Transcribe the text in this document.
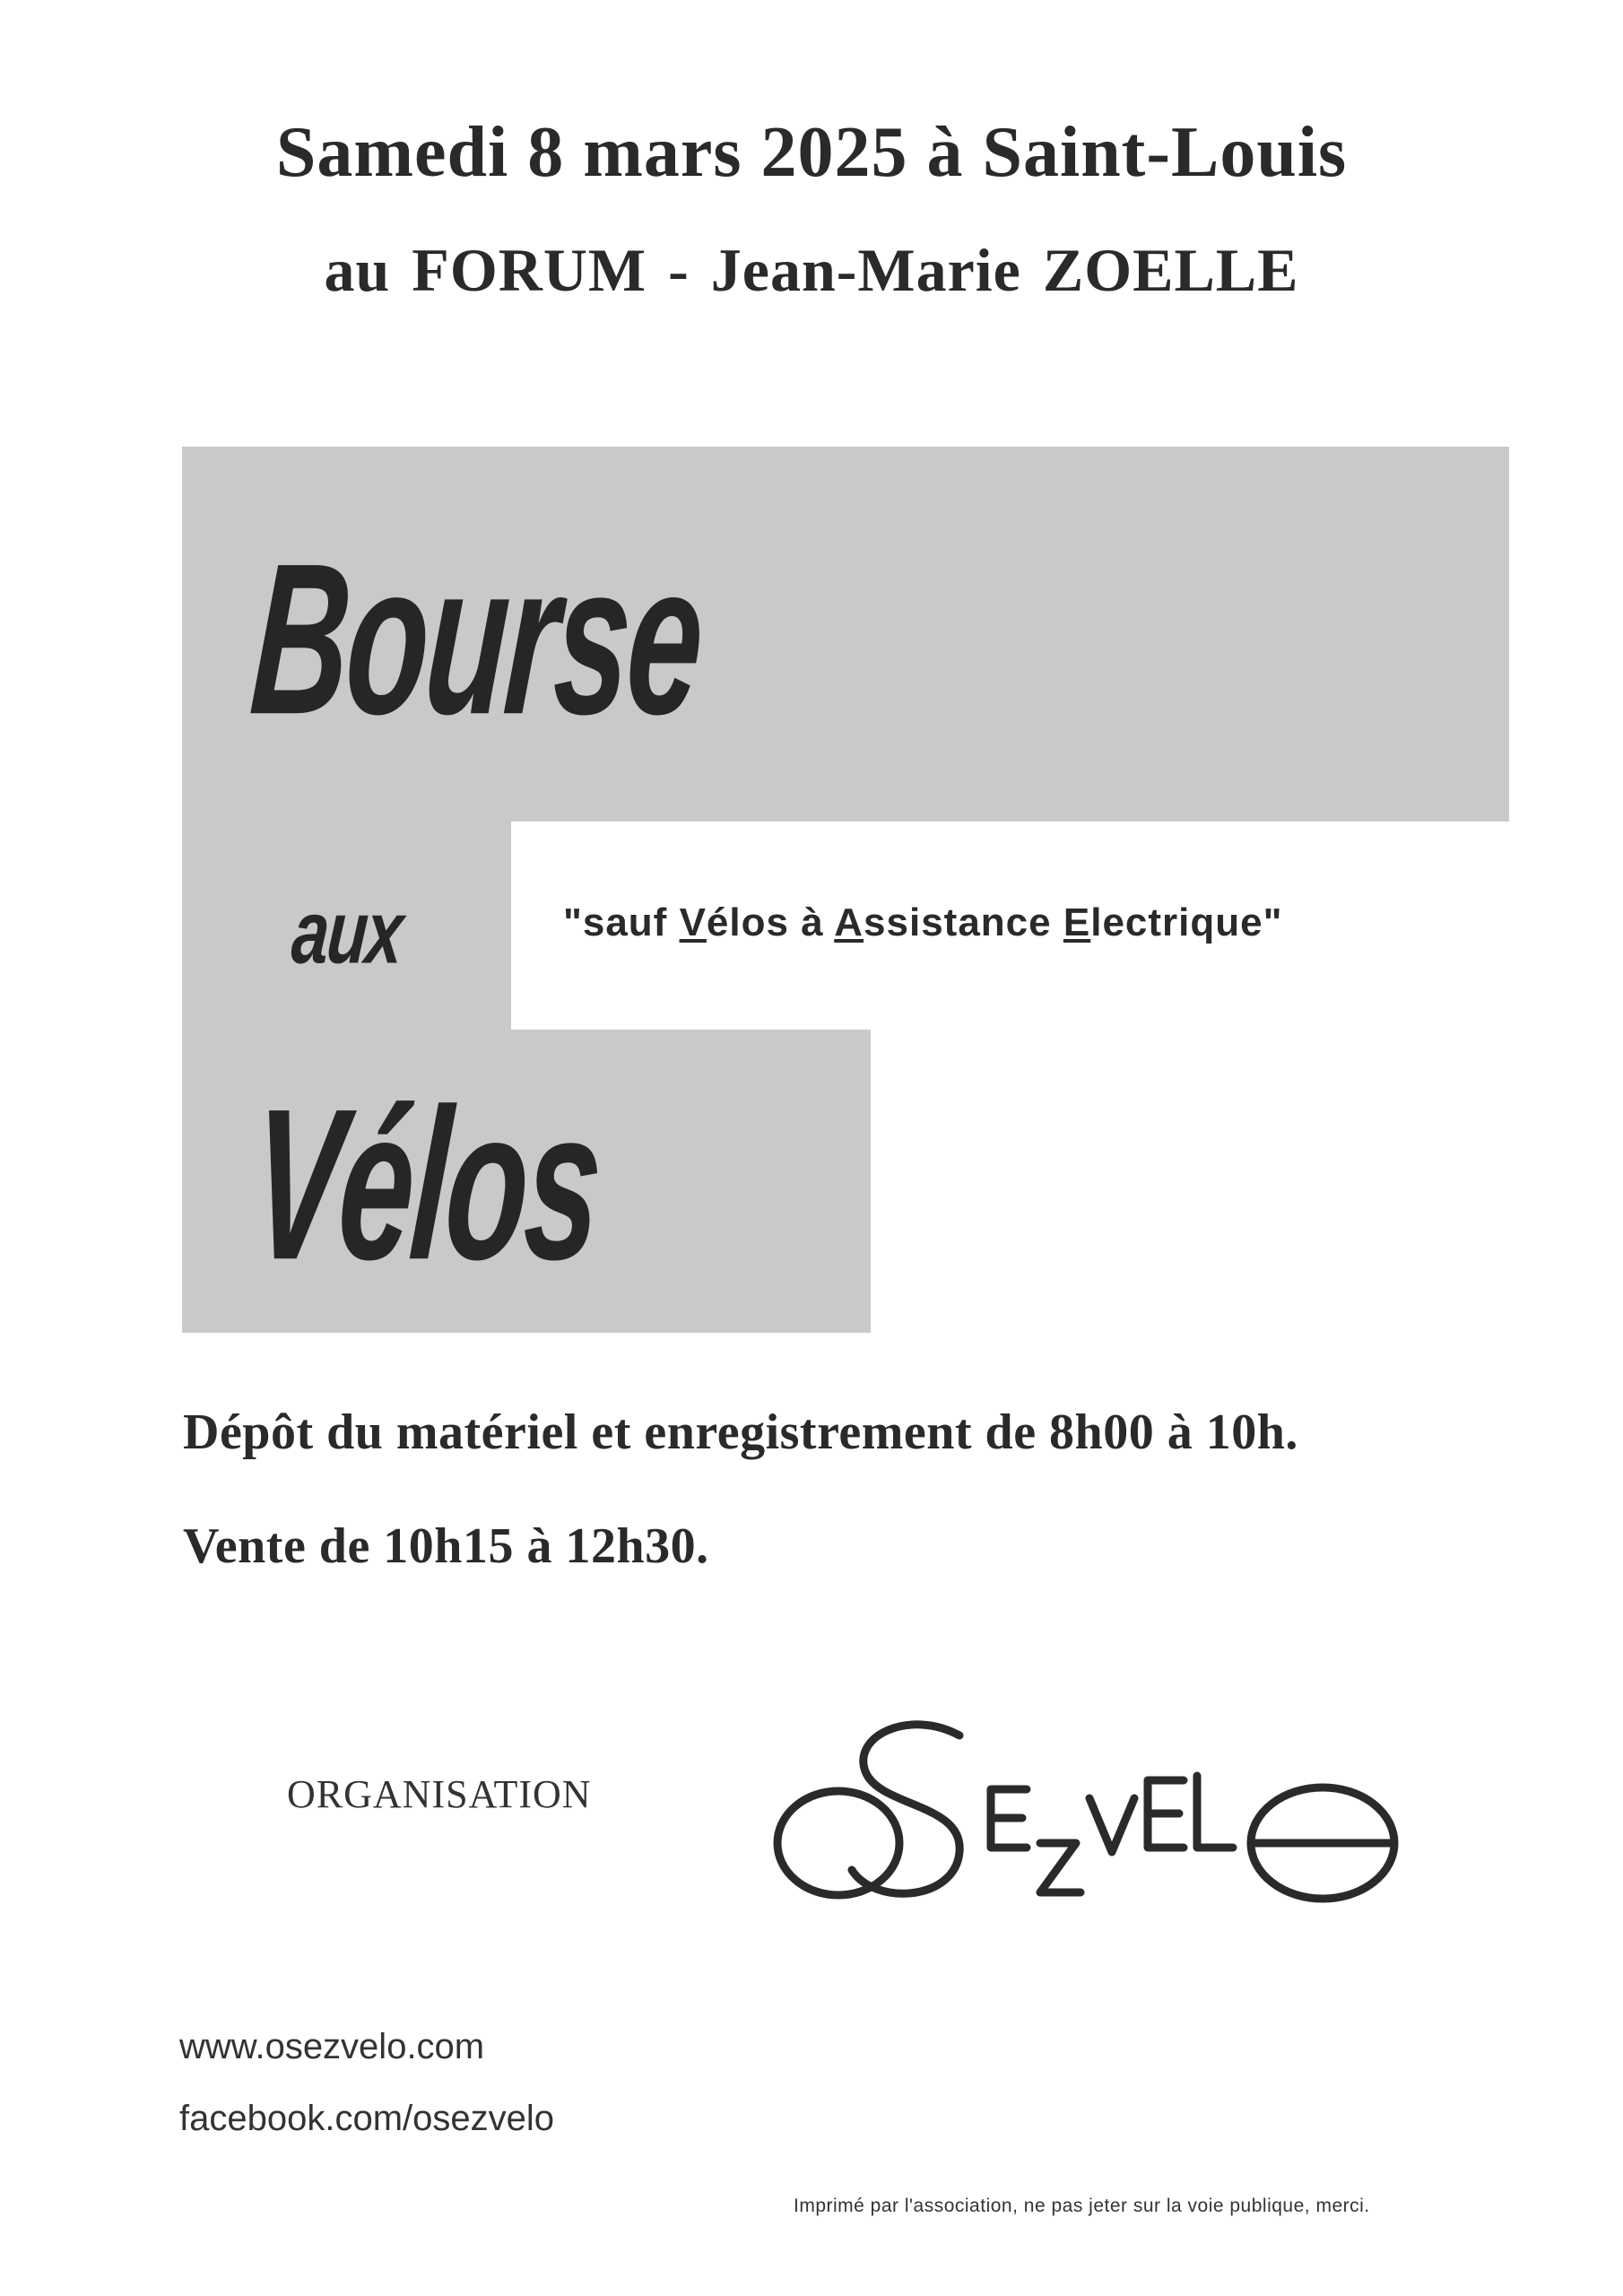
Samedi 8 mars 2025 à Saint-Louis
au FORUM - Jean-Marie ZOELLE
Bourse
aux
Vélos
"sauf Vélos à Assistance Electrique"
Dépôt du matériel et enregistrement de 8h00 à 10h.
Vente de 10h15 à 12h30.
ORGANISATION
www.osezvelo.com
facebook.com/osezvelo
Imprimé par l'association, ne pas jeter sur la voie publique, merci.
